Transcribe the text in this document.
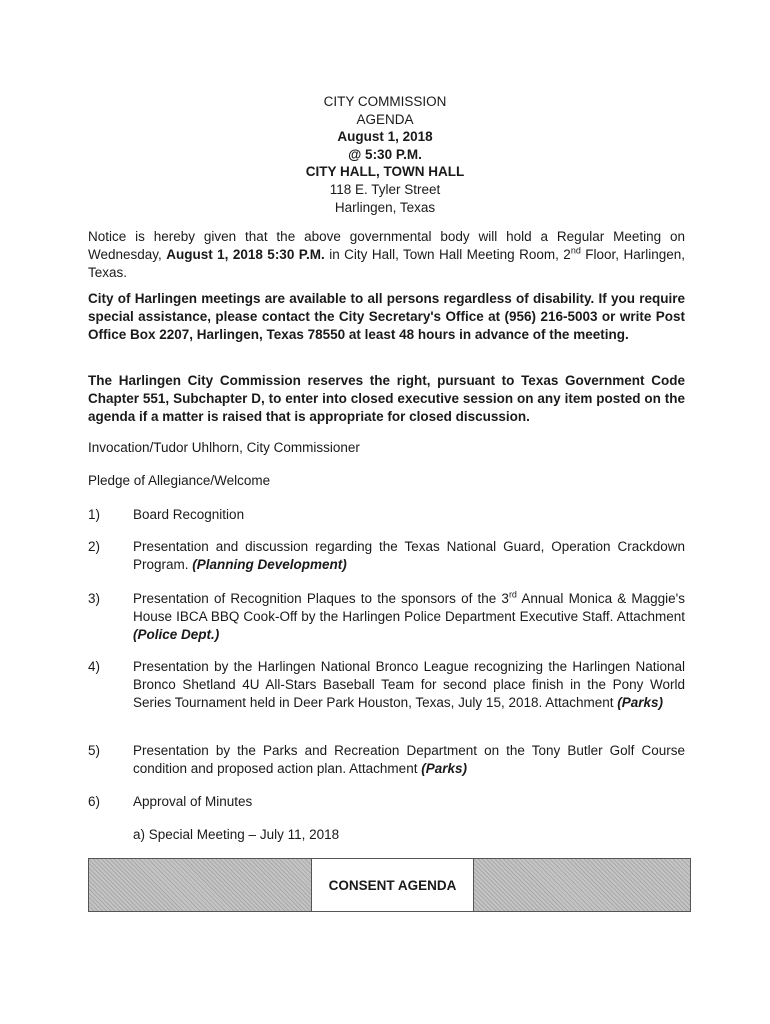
CITY COMMISSION
AGENDA
August 1, 2018
@ 5:30 P.M.
CITY HALL, TOWN HALL
118 E. Tyler Street
Harlingen, Texas
Notice is hereby given that the above governmental body will hold a Regular Meeting on Wednesday, August 1, 2018 5:30 P.M. in City Hall, Town Hall Meeting Room, 2nd Floor, Harlingen, Texas.
City of Harlingen meetings are available to all persons regardless of disability. If you require special assistance, please contact the City Secretary's Office at (956) 216-5003 or write Post Office Box 2207, Harlingen, Texas 78550 at least 48 hours in advance of the meeting.
The Harlingen City Commission reserves the right, pursuant to Texas Government Code Chapter 551, Subchapter D, to enter into closed executive session on any item posted on the agenda if a matter is raised that is appropriate for closed discussion.
Invocation/Tudor Uhlhorn, City Commissioner
Pledge of Allegiance/Welcome
1) Board Recognition
2) Presentation and discussion regarding the Texas National Guard, Operation Crackdown Program. (Planning Development)
3) Presentation of Recognition Plaques to the sponsors of the 3rd Annual Monica & Maggie's House IBCA BBQ Cook-Off by the Harlingen Police Department Executive Staff. Attachment (Police Dept.)
4) Presentation by the Harlingen National Bronco League recognizing the Harlingen National Bronco Shetland 4U All-Stars Baseball Team for second place finish in the Pony World Series Tournament held in Deer Park Houston, Texas, July 15, 2018. Attachment (Parks)
5) Presentation by the Parks and Recreation Department on the Tony Butler Golf Course condition and proposed action plan. Attachment (Parks)
6) Approval of Minutes
a) Special Meeting – July 11, 2018
CONSENT AGENDA
